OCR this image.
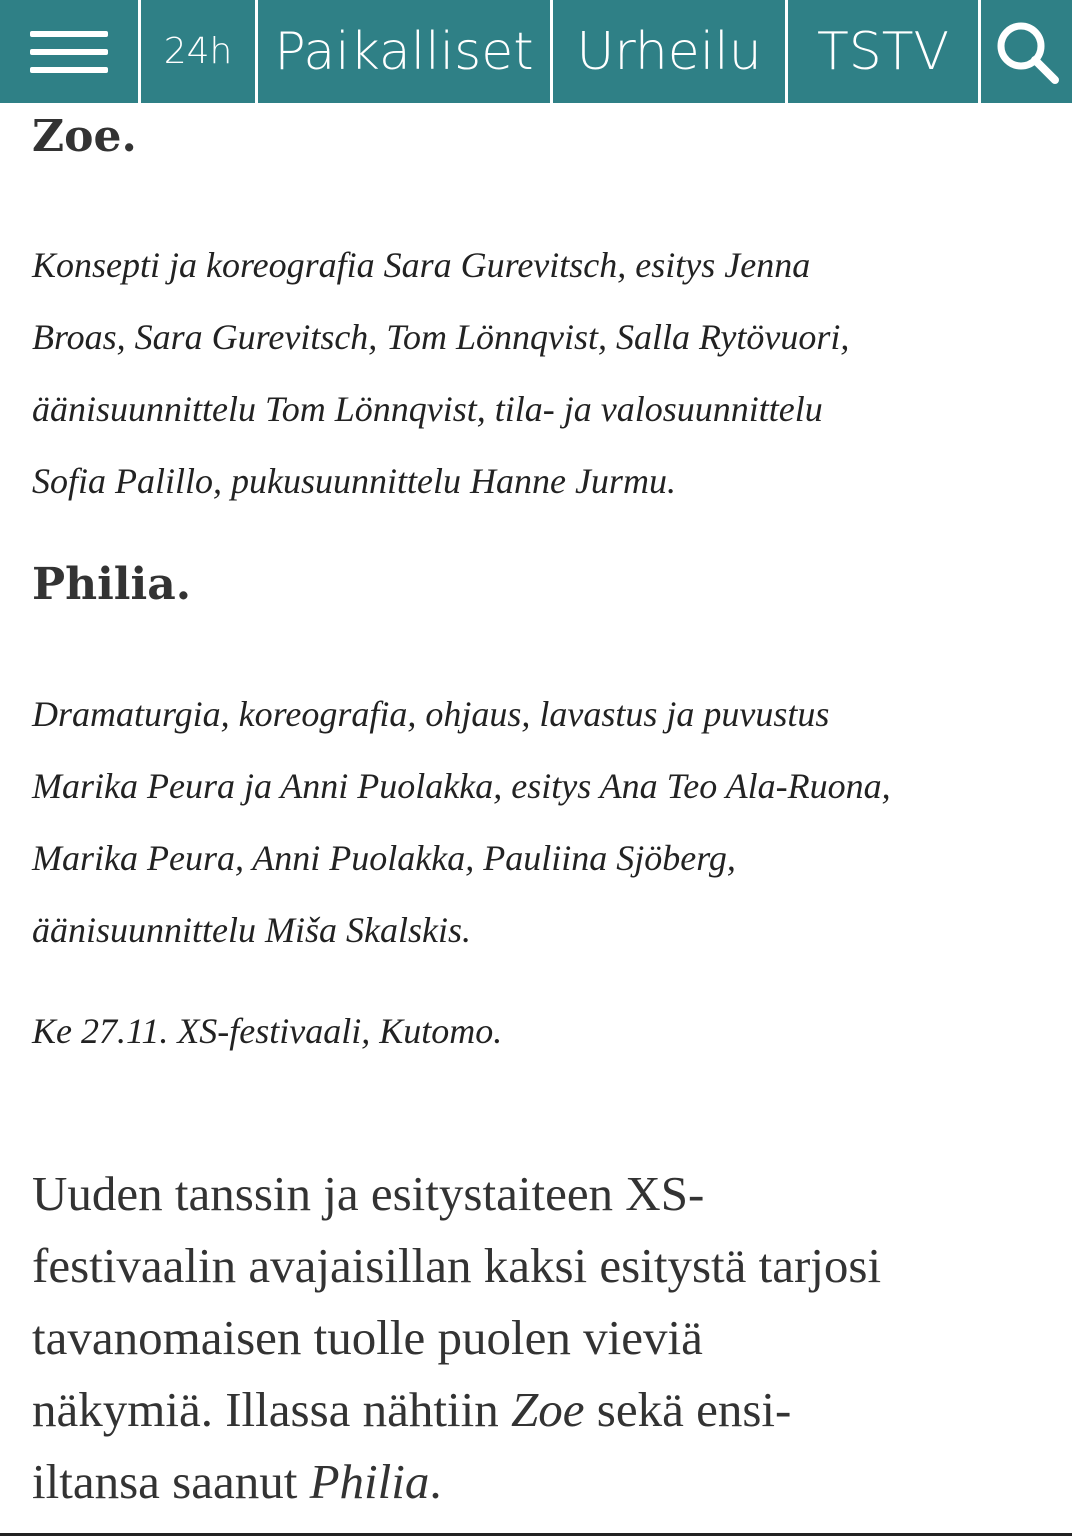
24h Paikalliset Urheilu	TSTV
Zoe.

Konsepti ja koreografia Sara Gurevitsch, esitys Jenna
Broas, Sara Gurevitsch, Tom Lönnqvist, Salla Rytövuori,
äänisuunnittelu Tom Lönnqvist, tila- ja valosuunnittelu
Sofia Palillo, pukusuunnittelu Hanne Jurmu.

Philia.

Dramaturgia, koreografia, ohjaus, lavastus ja puvustus
Marika Peura ja Anni Puolakka, esitys Ana Teo Ala-Ruona,
Marika Peura, Anni Puolakka, Pauliina Sjöberg,
äänisuunnittelu Miša Skalskis.

Ke 27.11. XS-festivaali, Kutomo.

Uuden tanssin ja esitystaiteen XS-
festivaalin avajaisillan kaksi esitystä tarjosi
tavanomaisen tuolle puolen vieviä
näkymiä. Illassa nähtiin Zoe sekä ensi-
iltansa saanut Philia.
